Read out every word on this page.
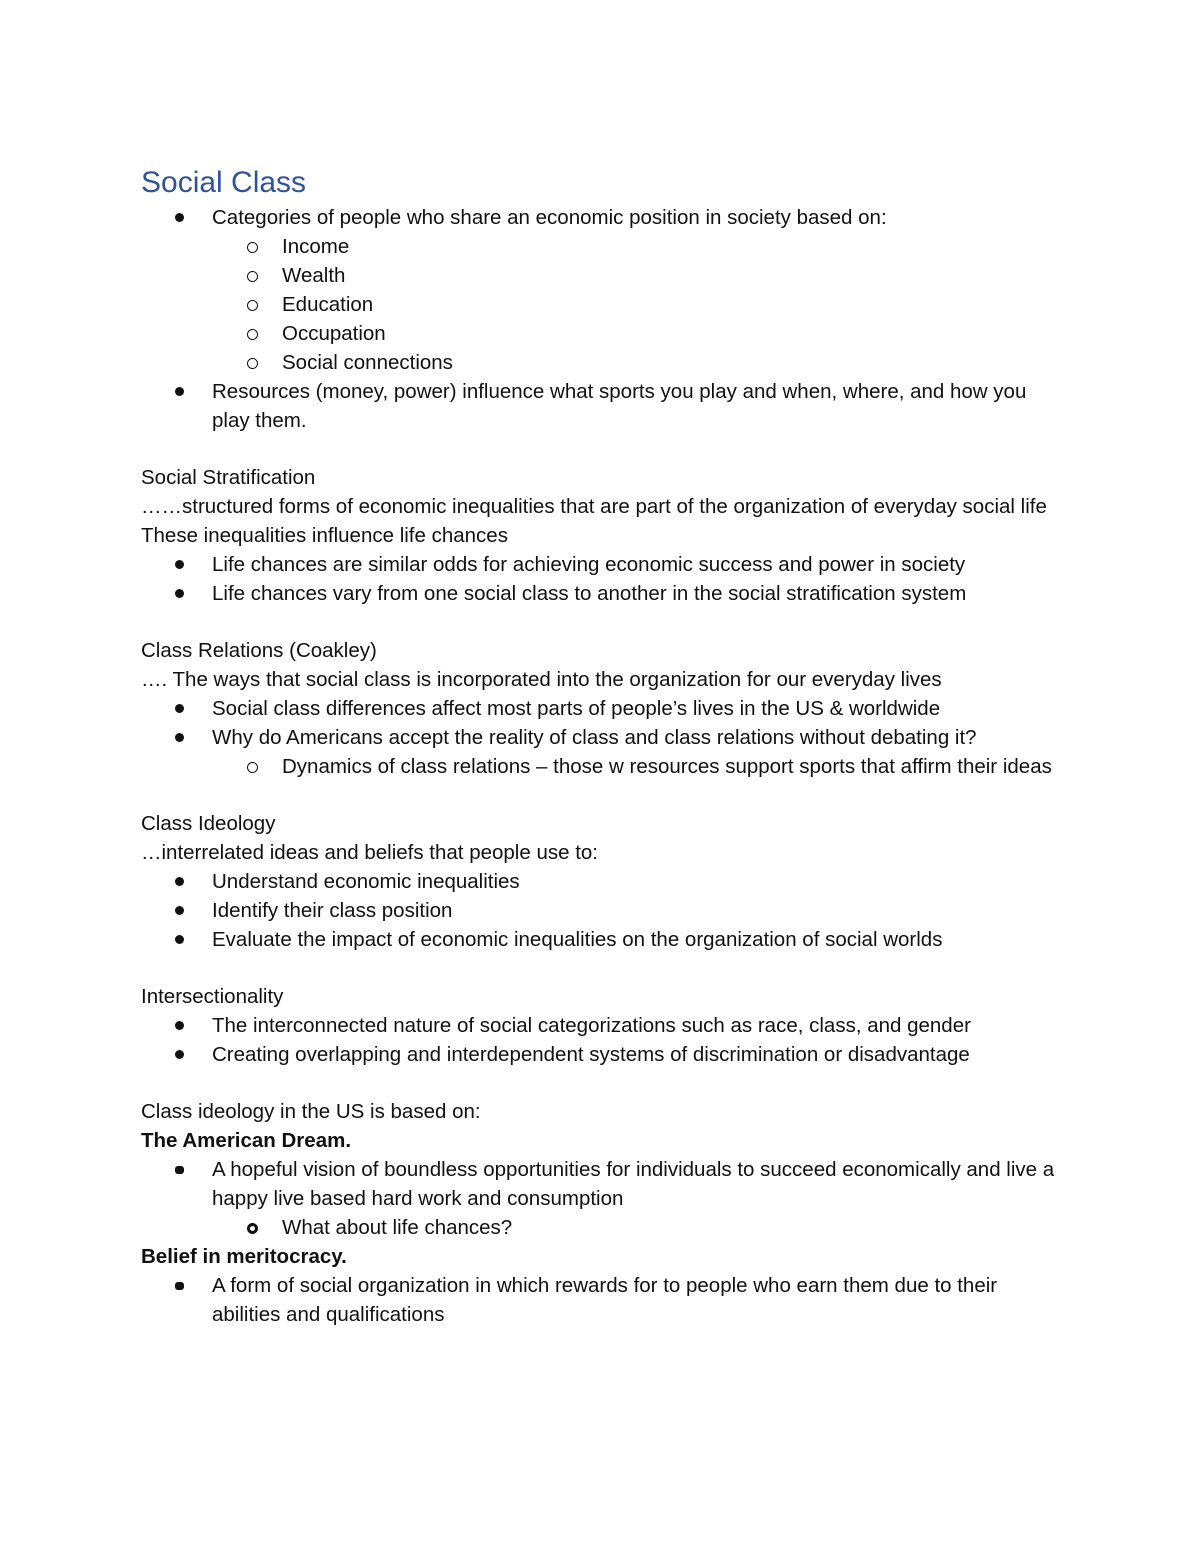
Social Class
Categories of people who share an economic position in society based on:
Income
Wealth
Education
Occupation
Social connections
Resources (money, power) influence what sports you play and when, where, and how you play them.

Social Stratification

……structured forms of economic inequalities that are part of the organization of everyday social life

These inequalities influence life chances

Life chances are similar odds for achieving economic success and power in society
Life chances vary from one social class to another in the social stratification system

Class Relations (Coakley)

…. The ways that social class is incorporated into the organization for our everyday lives

Social class differences affect most parts of people’s lives in the US & worldwide
Why do Americans accept the reality of class and class relations without debating it?
Dynamics of class relations – those w resources support sports that affirm their ideas

Class Ideology

…interrelated ideas and beliefs that people use to:

Understand economic inequalities
Identify their class position
Evaluate the impact of economic inequalities on the organization of social worlds

Intersectionality

The interconnected nature of social categorizations such as race, class, and gender
Creating overlapping and interdependent systems of discrimination or disadvantage

Class ideology in the US is based on:

The American Dream.

A hopeful vision of boundless opportunities for individuals to succeed economically and live a happy live based hard work and consumption
What about life chances?

Belief in meritocracy.

A form of social organization in which rewards for to people who earn them due to their abilities and qualifications
